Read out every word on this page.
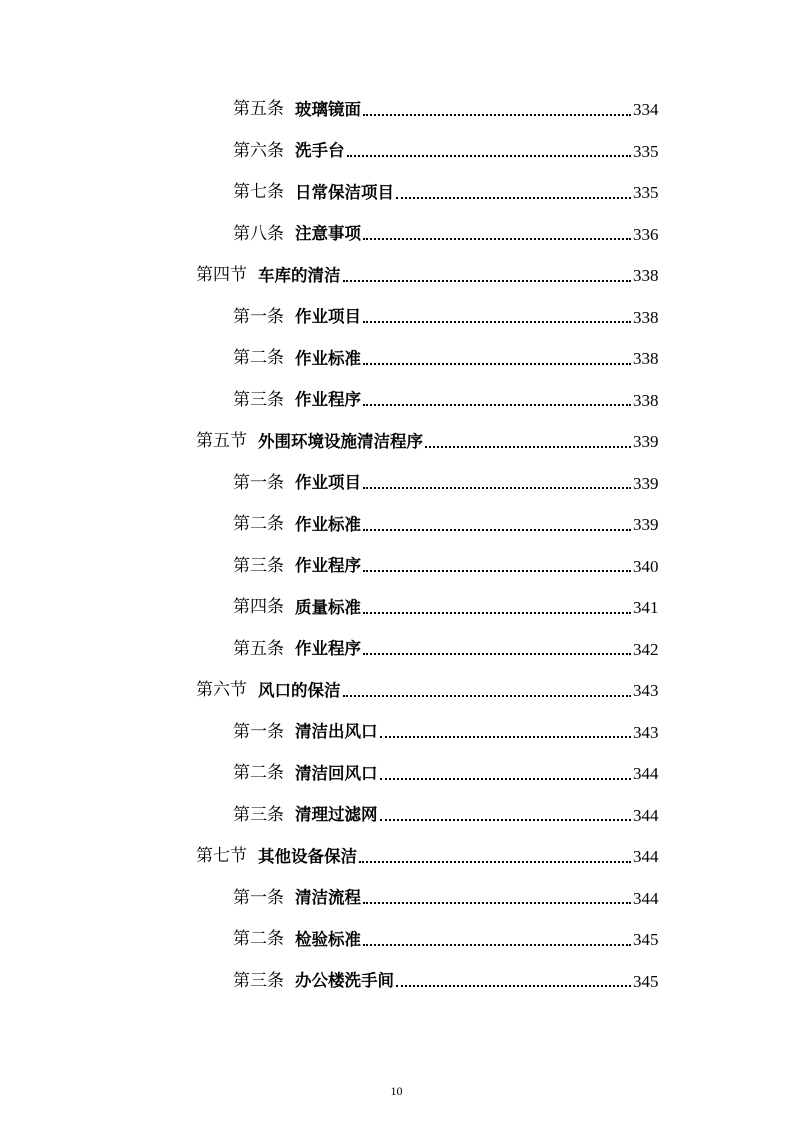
第五条 玻璃镜面	334
第六条 洗手台	335
第七条 日常保洁项目	335
第八条 注意事项	336
第四节 车库的清洁	338
第一条 作业项目	338
第二条 作业标准	338
第三条 作业程序	338
第五节 外围环境设施清洁程序	339
第一条 作业项目	339
第二条 作业标准	339
第三条 作业程序	340
第四条 质量标准	341
第五条 作业程序	342
第六节 风口的保洁	343
第一条 清洁出风口	343
第二条 清洁回风口	344
第三条 清理过滤网	344
第七节 其他设备保洁	344
第一条 清洁流程	344
第二条 检验标准	345
第三条 办公楼洗手间	345
10
